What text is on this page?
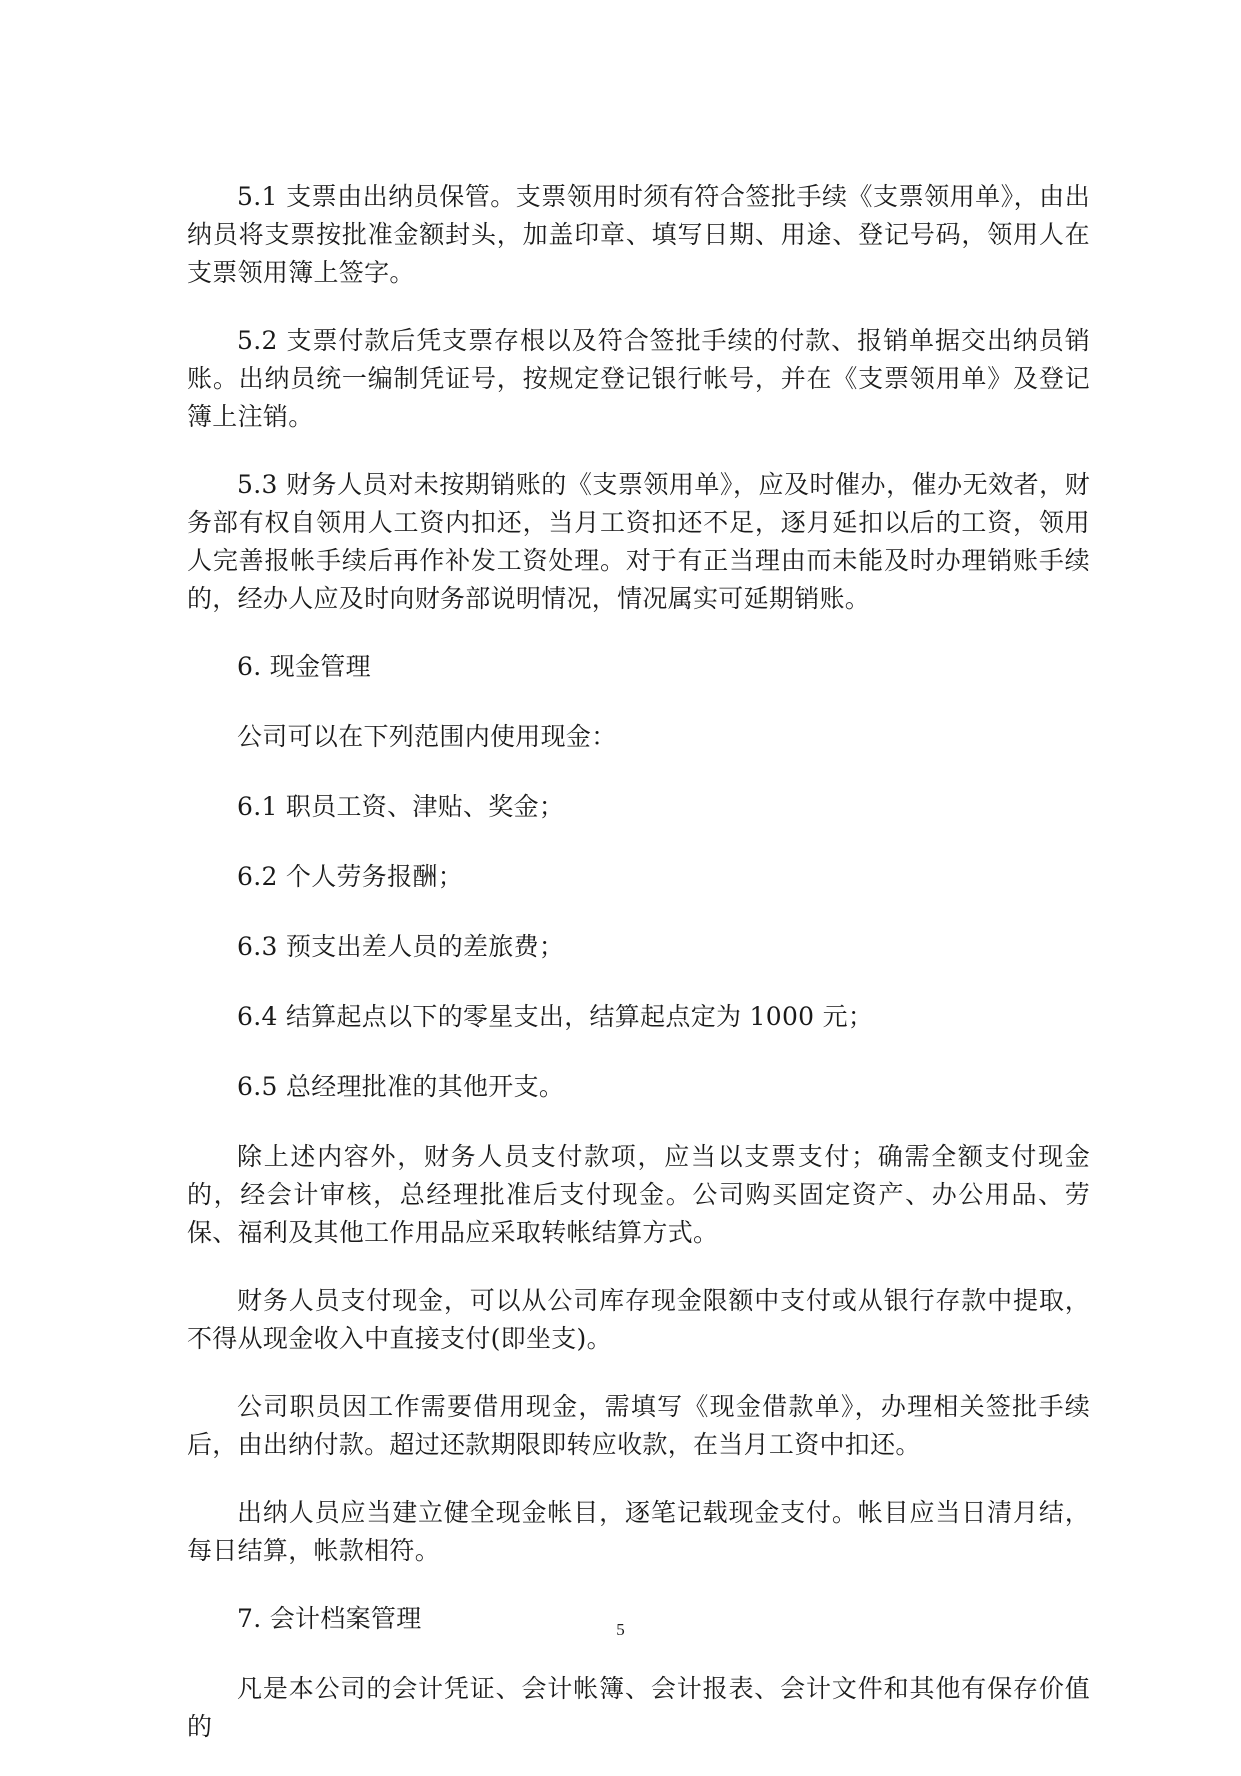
5.1 支票由出纳员保管。支票领用时须有符合签批手续《支票领用单》，由出纳员将支票按批准金额封头，加盖印章、填写日期、用途、登记号码，领用人在支票领用簿上签字。

5.2 支票付款后凭支票存根以及符合签批手续的付款、报销单据交出纳员销账。出纳员统一编制凭证号，按规定登记银行帐号，并在《支票领用单》及登记簿上注销。

5.3 财务人员对未按期销账的《支票领用单》，应及时催办，催办无效者，财务部有权自领用人工资内扣还，当月工资扣还不足，逐月延扣以后的工资，领用人完善报帐手续后再作补发工资处理。对于有正当理由而未能及时办理销账手续的，经办人应及时向财务部说明情况，情况属实可延期销账。

6. 现金管理

公司可以在下列范围内使用现金：

6.1 职员工资、津贴、奖金；

6.2 个人劳务报酬；

6.3 预支出差人员的差旅费；

6.4 结算起点以下的零星支出，结算起点定为 1000 元；

6.5 总经理批准的其他开支。

除上述内容外，财务人员支付款项，应当以支票支付；确需全额支付现金的，经会计审核，总经理批准后支付现金。公司购买固定资产、办公用品、劳保、福利及其他工作用品应采取转帐结算方式。

财务人员支付现金，可以从公司库存现金限额中支付或从银行存款中提取，不得从现金收入中直接支付(即坐支)。

公司职员因工作需要借用现金，需填写《现金借款单》，办理相关签批手续后，由出纳付款。超过还款期限即转应收款，在当月工资中扣还。

出纳人员应当建立健全现金帐目，逐笔记载现金支付。帐目应当日清月结，每日结算，帐款相符。

7. 会计档案管理

凡是本公司的会计凭证、会计帐簿、会计报表、会计文件和其他有保存价值的

5
